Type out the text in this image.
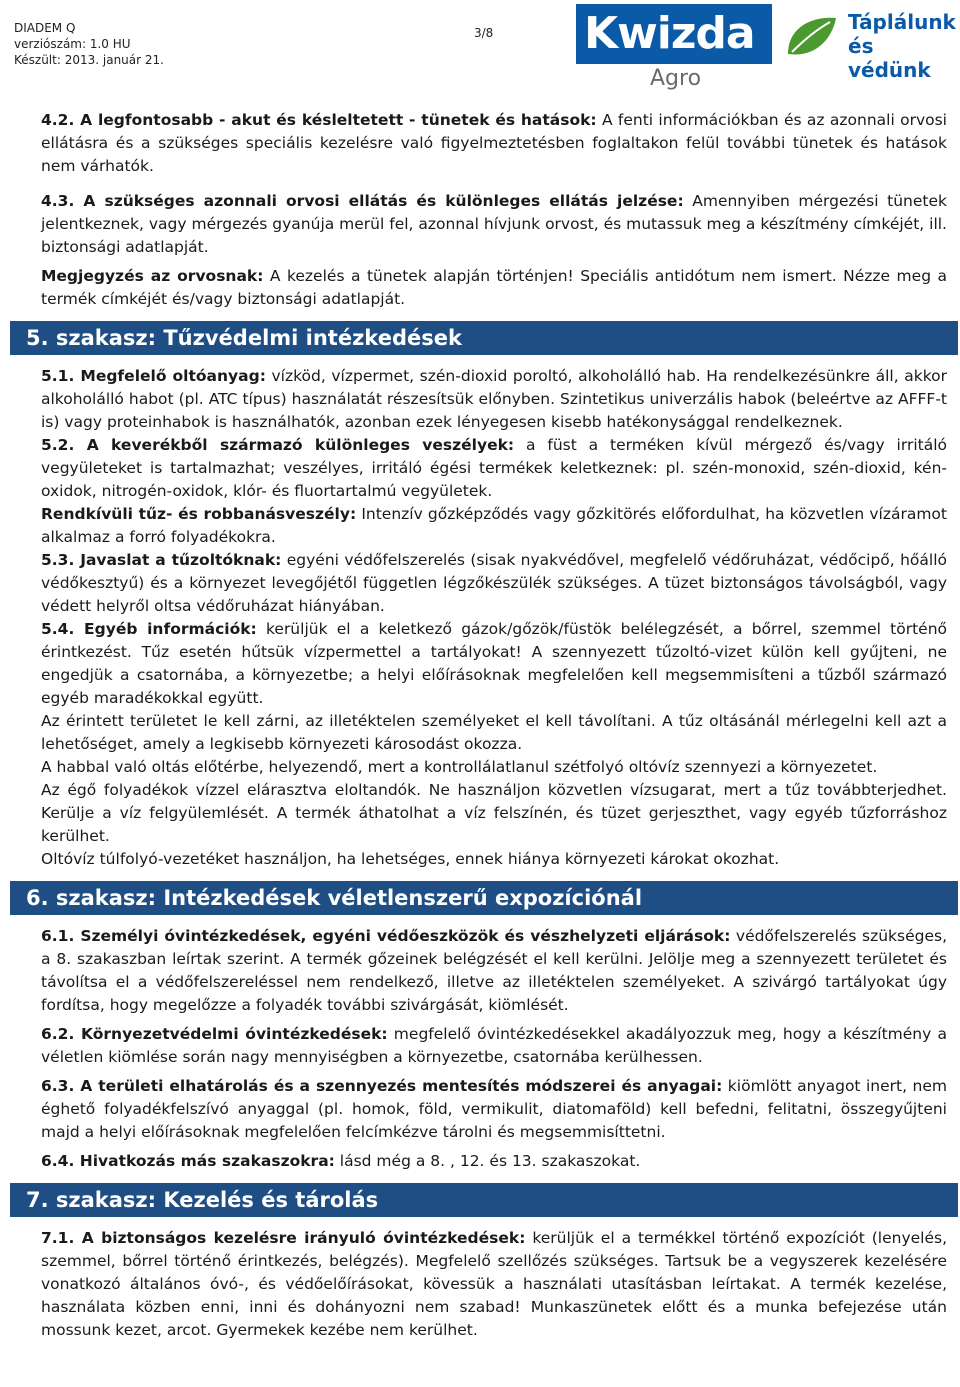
DIADEM Q
verziószám: 1.0 HU
Készült: 2013. január 21.
3/8 Kwizda
Agro
Táplálunk
és védünk

4.2. A legfontosabb - akut és késleltetett - tünetek és hatások: A fenti információkban és az azonnali orvosi ellátásra és a szükséges speciális kezelésre való figyelmeztetésben foglaltakon felül további tünetek és hatások nem várhatók.

4.3. A szükséges azonnali orvosi ellátás és különleges ellátás jelzése: Amennyiben mérgezési tünetek jelentkeznek, vagy mérgezés gyanúja merül fel, azonnal hívjunk orvost, és mutassuk meg a készítmény címkéjét, ill. biztonsági adatlapját.

Megjegyzés az orvosnak: A kezelés a tünetek alapján történjen! Speciális antidótum nem ismert. Nézze meg a termék címkéjét és/vagy biztonsági adatlapját.

5. szakasz: Tűzvédelmi intézkedések

5.1. Megfelelő oltóanyag: vízköd, vízpermet, szén-dioxid poroltó, alkoholálló hab. Ha rendelkezésünkre áll, akkor alkoholálló habot (pl. ATC típus) használatát részesítsük előnyben. Szintetikus univerzális habok (beleértve az AFFF-t is) vagy proteinhabok is használhatók, azonban ezek lényegesen kisebb hatékonysággal rendelkeznek.

5.2. A keverékből származó különleges veszélyek: a füst a terméken kívül mérgező és/vagy irritáló vegyületeket is tartalmazhat; veszélyes, irritáló égési termékek keletkeznek: pl. szén-monoxid, szén-dioxid, kén-oxidok, nitrogén-oxidok, klór- és fluortartalmú vegyületek.

Rendkívüli tűz- és robbanásveszély: Intenzív gőzképződés vagy gőzkitörés előfordulhat, ha közvetlen vízáramot alkalmaz a forró folyadékokra.

5.3. Javaslat a tűzoltóknak: egyéni védőfelszerelés (sisak nyakvédővel, megfelelő védőruházat, védőcipő, hőálló védőkesztyű) és a környezet levegőjétől független légzőkészülék szükséges. A tüzet biztonságos távolságból, vagy védett helyről oltsa védőruházat hiányában.

5.4. Egyéb információk: kerüljük el a keletkező gázok/gőzök/füstök belélegzését, a bőrrel, szemmel történő érintkezést. Tűz esetén hűtsük vízpermettel a tartályokat! A szennyezett tűzoltó-vizet külön kell gyűjteni, ne engedjük a csatornába, a környezetbe; a helyi előírásoknak megfelelően kell megsemmisíteni a tűzből származó egyéb maradékokkal együtt.

Az érintett területet le kell zárni, az illetéktelen személyeket el kell távolítani. A tűz oltásánál mérlegelni kell azt a lehetőséget, amely a legkisebb környezeti károsodást okozza.

A habbal való oltás előtérbe, helyezendő, mert a kontrollálatlanul szétfolyó oltóvíz szennyezi a környezetet.

Az égő folyadékok vízzel elárasztva eloltandók. Ne használjon közvetlen vízsugarat, mert a tűz továbbterjedhet. Kerülje a víz felgyülemlését. A termék áthatolhat a víz felszínén, és tüzet gerjeszthet, vagy egyéb tűzforráshoz kerülhet.

Oltóvíz túlfolyó-vezetéket használjon, ha lehetséges, ennek hiánya környezeti károkat okozhat.

6. szakasz: Intézkedések véletlenszerű expozíciónál

6.1. Személyi óvintézkedések, egyéni védőeszközök és vészhelyzeti eljárások: védőfelszerelés szükséges, a 8. szakaszban leírtak szerint. A termék gőzeinek belégzését el kell kerülni. Jelölje meg a szennyezett területet és távolítsa el a védőfelszereléssel nem rendelkező, illetve az illetéktelen személyeket. A szivárgó tartályokat úgy fordítsa, hogy megelőzze a folyadék további szivárgását, kiömlését.

6.2. Környezetvédelmi óvintézkedések: megfelelő óvintézkedésekkel akadályozzuk meg, hogy a készítmény a véletlen kiömlése során nagy mennyiségben a környezetbe, csatornába kerülhessen.

6.3. A területi elhatárolás és a szennyezés mentesítés módszerei és anyagai: kiömlött anyagot inert, nem éghető folyadékfelszívó anyaggal (pl. homok, föld, vermikulit, diatomaföld) kell befedni, felitatni, összegyűjteni majd a helyi előírásoknak megfelelően felcímkézve tárolni és megsemmisíttetni.

6.4. Hivatkozás más szakaszokra: lásd még a 8. , 12. és 13. szakaszokat.

7. szakasz: Kezelés és tárolás

7.1. A biztonságos kezelésre irányuló óvintézkedések: kerüljük el a termékkel történő expozíciót (lenyelés, szemmel, bőrrel történő érintkezés, belégzés). Megfelelő szellőzés szükséges. Tartsuk be a vegyszerek kezelésére vonatkozó általános óvó-, és védőelőírásokat, kövessük a használati utasításban leírtakat. A termék kezelése, használata közben enni, inni és dohányozni nem szabad! Munkaszünetek előtt és a munka befejezése után mossunk kezet, arcot. Gyermekek kezébe nem kerülhet.
